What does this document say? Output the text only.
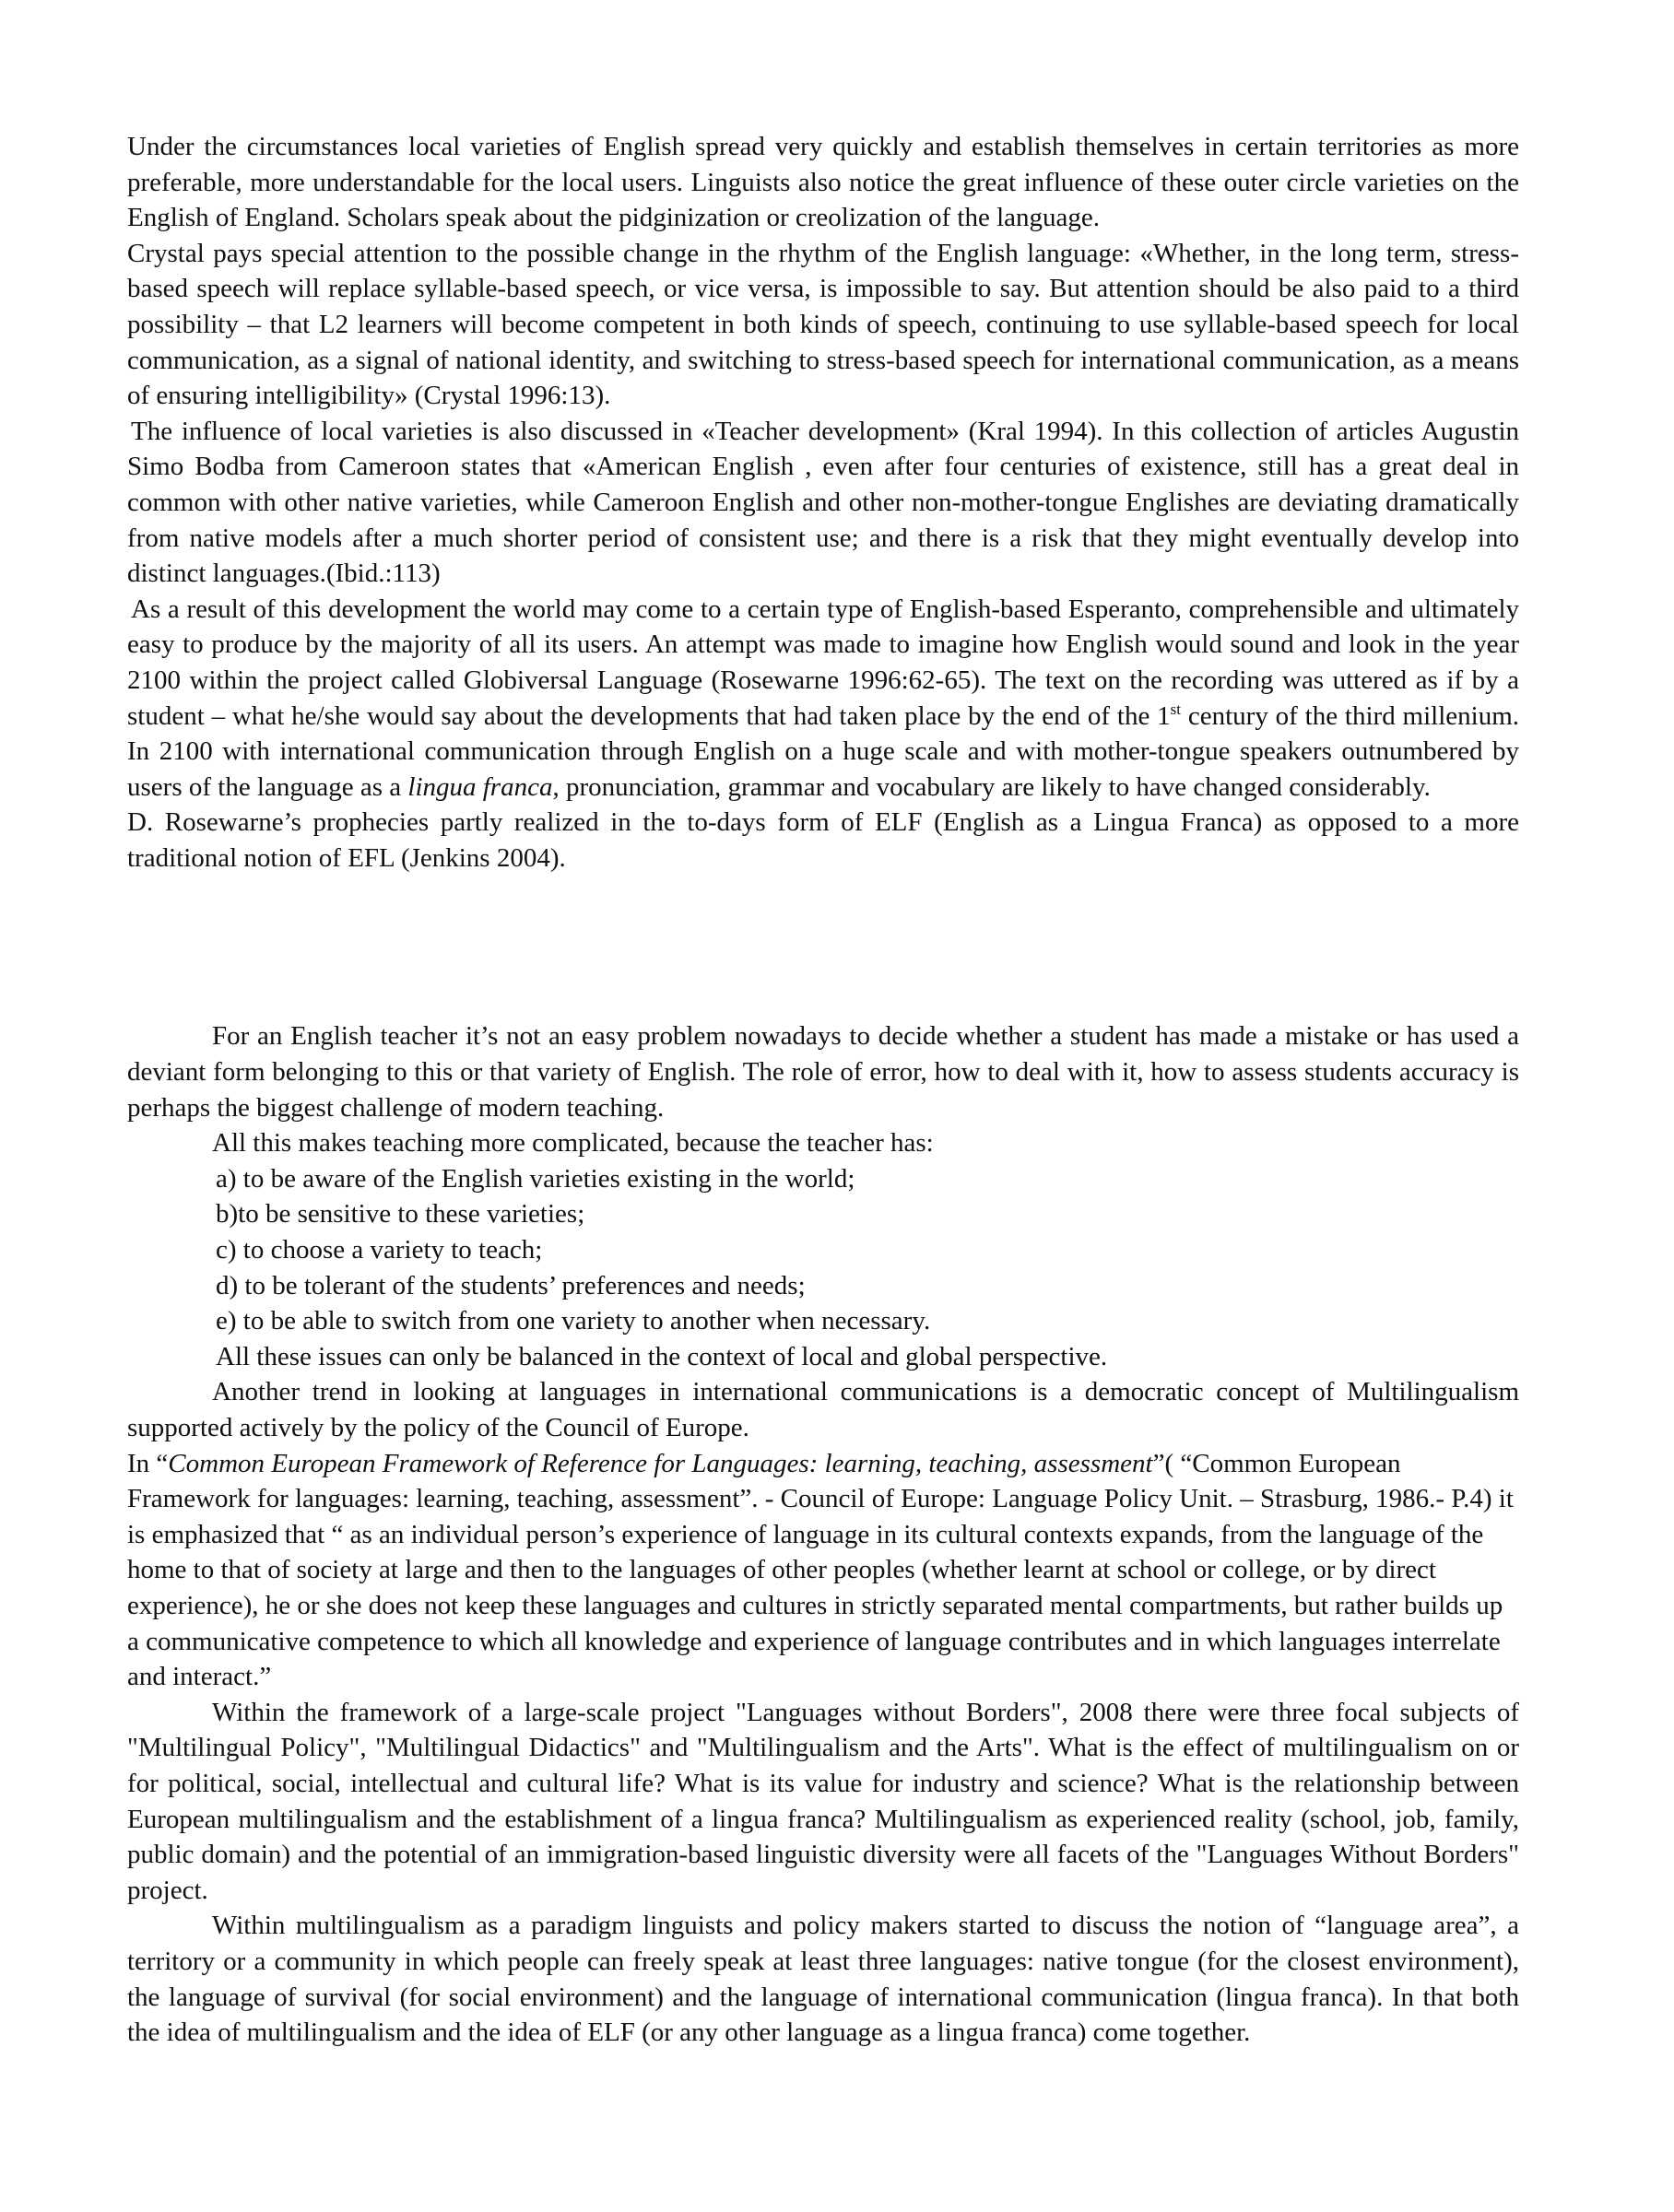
Under the circumstances local varieties of English spread very quickly and establish themselves in certain territories as more preferable, more understandable for the local users. Linguists also notice the great influence of these outer circle varieties on the English of England. Scholars speak about the pidginization or creolization of the language.

Crystal pays special attention to the possible change in the rhythm of the English language: «Whether, in the long term, stress-based speech will replace syllable-based speech, or vice versa, is impossible to say. But attention should be also paid to a third possibility – that L2 learners will become competent in both kinds of speech, continuing to use syllable-based speech for local communication, as a signal of national identity, and switching to stress-based speech for international communication, as a means of ensuring intelligibility» (Crystal 1996:13).

The influence of local varieties is also discussed in «Teacher development» (Kral 1994). In this collection of articles Augustin Simo Bodba from Cameroon states that «American English , even after four centuries of existence, still has a great deal in common with other native varieties, while Cameroon English and other non-mother-tongue Englishes are deviating dramatically from native models after a much shorter period of consistent use; and there is a risk that they might eventually develop into distinct languages.(Ibid.:113)

As a result of this development the world may come to a certain type of English-based Esperanto, comprehensible and ultimately easy to produce by the majority of all its users. An attempt was made to imagine how English would sound and look in the year 2100 within the project called Globiversal Language (Rosewarne 1996:62-65). The text on the recording was uttered as if by a student – what he/she would say about the developments that had taken place by the end of the 1st century of the third millenium. In 2100 with international communication through English on a huge scale and with mother-tongue speakers outnumbered by users of the language as a lingua franca, pronunciation, grammar and vocabulary are likely to have changed considerably.

D. Rosewarne’s prophecies partly realized in the to-days form of ELF (English as a Lingua Franca) as opposed to a more traditional notion of EFL (Jenkins 2004).

For an English teacher it’s not an easy problem nowadays to decide whether a student has made a mistake or has used a deviant form belonging to this or that variety of English. The role of error, how to deal with it, how to assess students accuracy is perhaps the biggest challenge of modern teaching.

All this makes teaching more complicated, because the teacher has:

a) to be aware of the English varieties existing in the world;

b)to be sensitive to these varieties;

c) to choose a variety to teach;

d) to be tolerant of the students’ preferences and needs;

e) to be able to switch from one variety to another when necessary.

All these issues can only be balanced in the context of local and global perspective.

Another trend in looking at languages in international communications is a democratic concept of Multilingualism supported actively by the policy of the Council of Europe.

In “Common European Framework of Reference for Languages: learning, teaching, assessment”( “Common European Framework for languages: learning, teaching, assessment”. - Council of Europe: Language Policy Unit. – Strasburg, 1986.- P.4) it is emphasized that “ as an individual person’s experience of language in its cultural contexts expands, from the language of the home to that of society at large and then to the languages of other peoples (whether learnt at school or college, or by direct experience), he or she does not keep these languages and cultures in strictly separated mental compartments, but rather builds up a communicative competence to which all knowledge and experience of language contributes and in which languages interrelate and interact.”

Within the framework of a large-scale project "Languages without Borders", 2008 there were three focal subjects of "Multilingual Policy", "Multilingual Didactics" and "Multilingualism and the Arts". What is the effect of multilingualism on or for political, social, intellectual and cultural life? What is its value for industry and science? What is the relationship between European multilingualism and the establishment of a lingua franca? Multilingualism as experienced reality (school, job, family, public domain) and the potential of an immigration-based linguistic diversity were all facets of the "Languages Without Borders" project.

Within multilingualism as a paradigm linguists and policy makers started to discuss the notion of “language area”, a territory or a community in which people can freely speak at least three languages: native tongue (for the closest environment), the language of survival (for social environment) and the language of international communication (lingua franca). In that both the idea of multilingualism and the idea of ELF (or any other language as a lingua franca) come together.
